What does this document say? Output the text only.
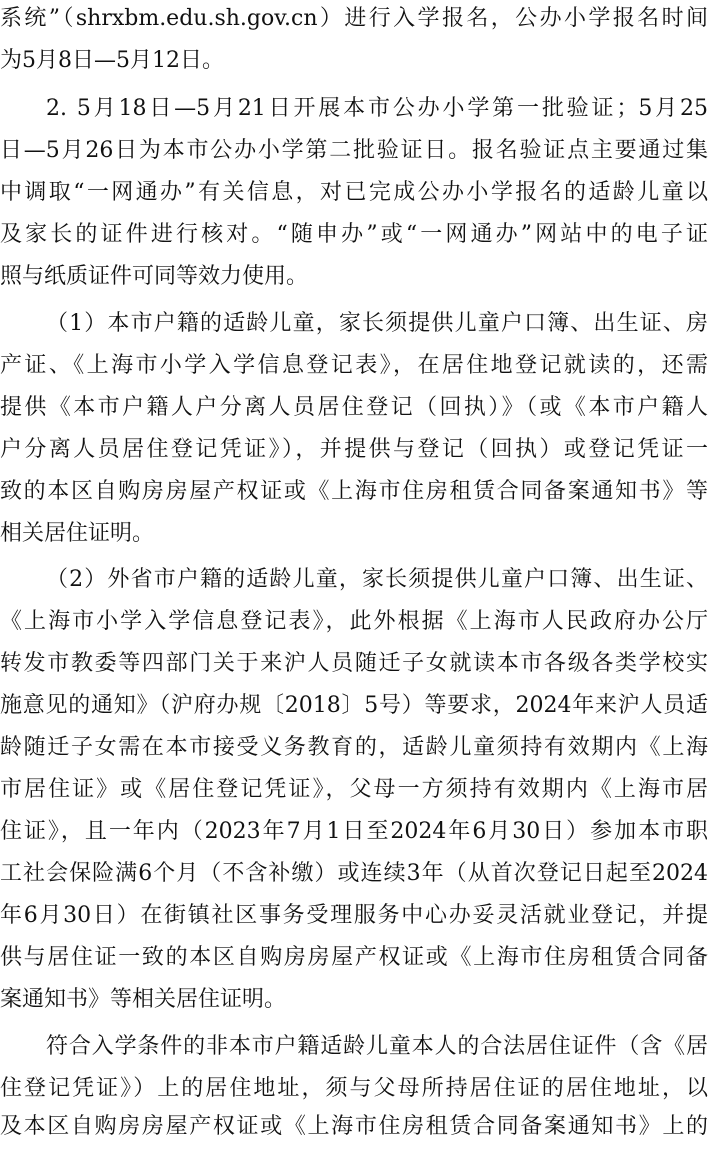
系统”（shrxbm.edu.sh.gov.cn）进行入学报名，公办小学报名时间
为5月8日—5月12日。
2. 5月18日—5月21日开展本市公办小学第一批验证；5月25
日—5月26日为本市公办小学第二批验证日。报名验证点主要通过集
中调取“一网通办”有关信息，对已完成公办小学报名的适龄儿童以
及家长的证件进行核对。“随申办”或“一网通办”网站中的电子证
照与纸质证件可同等效力使用。
（1）本市户籍的适龄儿童，家长须提供儿童户口簿、出生证、房
产证、《上海市小学入学信息登记表》，在居住地登记就读的，还需
提供《本市户籍人户分离人员居住登记（回执）》（或《本市户籍人
户分离人员居住登记凭证》），并提供与登记（回执）或登记凭证一
致的本区自购房房屋产权证或《上海市住房租赁合同备案通知书》等
相关居住证明。
（2）外省市户籍的适龄儿童，家长须提供儿童户口簿、出生证、
《上海市小学入学信息登记表》，此外根据《上海市人民政府办公厅
转发市教委等四部门关于来沪人员随迁子女就读本市各级各类学校实
施意见的通知》（沪府办规〔2018〕5号）等要求，2024年来沪人员适
龄随迁子女需在本市接受义务教育的，适龄儿童须持有效期内《上海
市居住证》或《居住登记凭证》，父母一方须持有效期内《上海市居
住证》，且一年内（2023年7月1日至2024年6月30日）参加本市职
工社会保险满6个月（不含补缴）或连续3年（从首次登记日起至2024
年6月30日）在街镇社区事务受理服务中心办妥灵活就业登记，并提
供与居住证一致的本区自购房房屋产权证或《上海市住房租赁合同备
案通知书》等相关居住证明。
符合入学条件的非本市户籍适龄儿童本人的合法居住证件（含《居
住登记凭证》）上的居住地址，须与父母所持居住证的居住地址，以
及本区自购房房屋产权证或《上海市住房租赁合同备案通知书》上的
